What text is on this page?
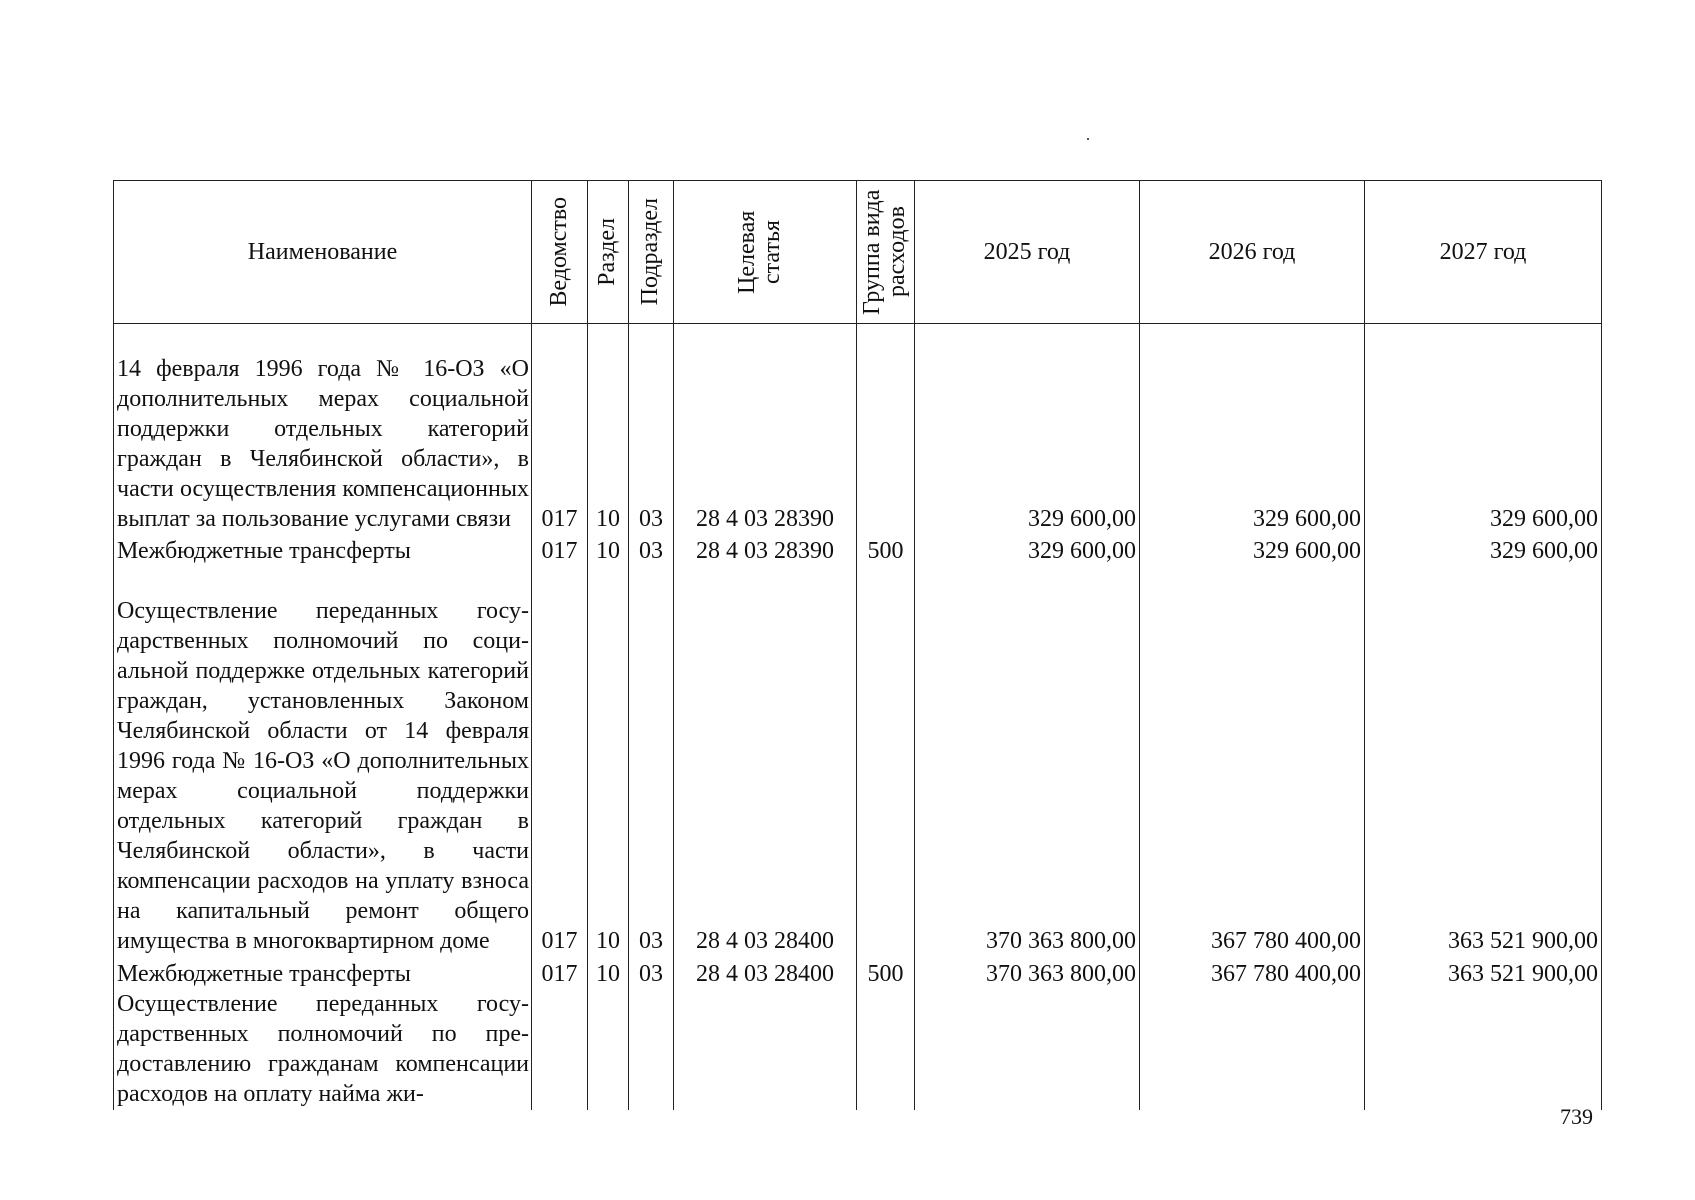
Наименование	Ведомство	Раздел	Подраздел	Целевая статья	Группа вида расходов	2025 год	2026 год	2027 год

14 февраля 1996 года № 16-ОЗ «О дополнительных мерах социальной поддержки отдельных категорий граждан в Челябинской области», в части осуществления компенсационных выплат за пользование услугами связи	017	10	03	28 4 03 28390		329 600,00	329 600,00	329 600,00

Межбюджетные трансферты	017	10	03	28 4 03 28390	500	329 600,00	329 600,00	329 600,00

Осуществление переданных государственных полномочий по социальной поддержке отдельных категорий граждан, установленных Законом Челябинской области от 14 февраля 1996 года № 16-ОЗ «О дополнительных мерах социальной поддержки отдельных категорий граждан в Челябинской области», в части компенсации расходов на уплату взноса на капитальный ремонт общего имущества в многоквартирном доме	017	10	03	28 4 03 28400		370 363 800,00	367 780 400,00	363 521 900,00

Межбюджетные трансферты	017	10	03	28 4 03 28400	500	370 363 800,00	367 780 400,00	363 521 900,00

Осуществление переданных государственных полномочий по предоставлению гражданам компенсации расходов на оплату найма жи-								

739
